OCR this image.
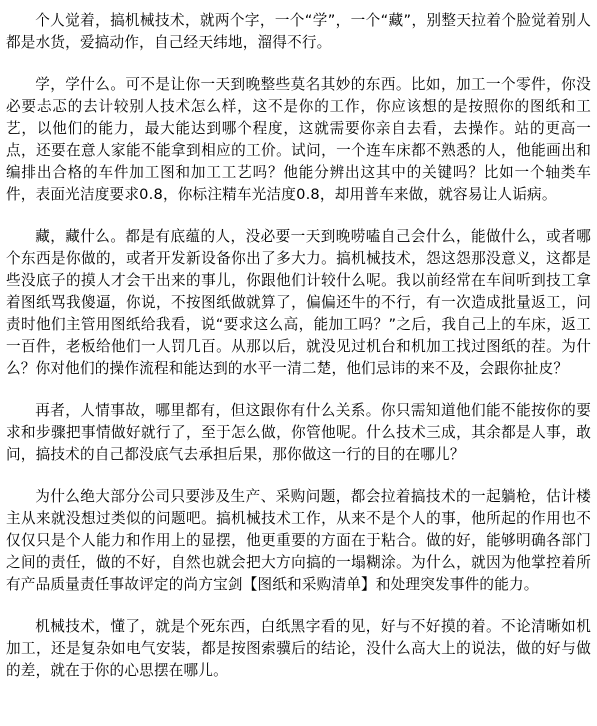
个人觉着，搞机械技术，就两个字，一个“学”，一个“藏”，别整天拉着个脸觉着别人都是水货，爱搞动作，自己经天纬地，溜得不行。

学，学什么。可不是让你一天到晚整些莫名其妙的东西。比如，加工一个零件，你没必要忐忑的去计较别人技术怎么样，这不是你的工作，你应该想的是按照你的图纸和工艺，以他们的能力，最大能达到哪个程度，这就需要你亲自去看，去操作。站的更高一点，还要在意人家能不能拿到相应的工价。试问，一个连车床都不熟悉的人，他能画出和编排出合格的车件加工图和加工工艺吗？他能分辨出这其中的关键吗？比如一个轴类车件，表面光洁度要求0.8，你标注精车光洁度0.8，却用普车来做，就容易让人诟病。

藏，藏什么。都是有底蕴的人，没必要一天到晚唠嗑自己会什么，能做什么，或者哪个东西是你做的，或者开发新设备你出了多大力。搞机械技术，怨这怨那没意义，这都是些没底子的摸人才会干出来的事儿，你跟他们计较什么呢。我以前经常在车间听到技工拿着图纸骂我傻逼，你说，不按图纸做就算了，偏偏还牛的不行，有一次造成批量返工，问责时他们主管用图纸给我看，说“要求这么高，能加工吗？”之后，我自己上的车床，返工一百件，老板给他们一人罚几百。从那以后，就没见过机台和机加工找过图纸的茬。为什么？你对他们的操作流程和能达到的水平一清二楚，他们忌讳的来不及，会跟你扯皮？

再者，人情事故，哪里都有，但这跟你有什么关系。你只需知道他们能不能按你的要求和步骤把事情做好就行了，至于怎么做，你管他呢。什么技术三成，其余都是人事，敢问，搞技术的自己都没底气去承担后果，那你做这一行的目的在哪儿？

为什么绝大部分公司只要涉及生产、采购问题，都会拉着搞技术的一起躺枪，估计楼主从来就没想过类似的问题吧。搞机械技术工作，从来不是个人的事，他所起的作用也不仅仅只是个人能力和作用上的显摆，他更重要的方面在于粘合。做的好，能够明确各部门之间的责任，做的不好，自然也就会把大方向搞的一塌糊涂。为什么，就因为他掌控着所有产品质量责任事故评定的尚方宝剑【图纸和采购清单】和处理突发事件的能力。

机械技术，懂了，就是个死东西，白纸黑字看的见，好与不好摸的着。不论清晰如机加工，还是复杂如电气安装，都是按图索骥后的结论，没什么高大上的说法，做的好与做的差，就在于你的心思摆在哪儿。
